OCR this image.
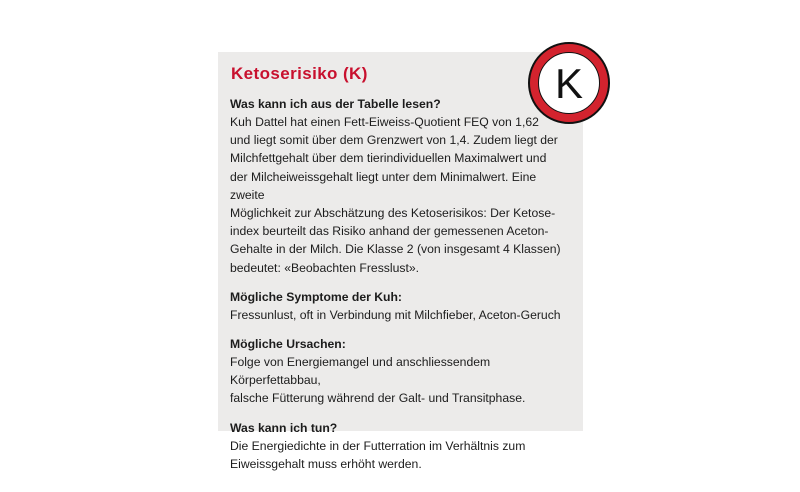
Ketoserisiko (K)

Was kann ich aus der Tabelle lesen?

Kuh Dattel hat einen Fett-Eiweiss-Quotient FEQ von 1,62
und liegt somit über dem Grenzwert von 1,4. Zudem liegt der
Milchfettgehalt über dem tierindividuellen Maximalwert und
der Milcheiweissgehalt liegt unter dem Minimalwert. Eine zweite
Möglichkeit zur Abschätzung des Ketoserisikos: Der Ketose-
index beurteilt das Risiko anhand der gemessenen Aceton-
Gehalte in der Milch. Die Klasse 2 (von insgesamt 4 Klassen)
bedeutet: «Beobachten Fresslust».

Mögliche Symptome der Kuh:

Fressunlust, oft in Verbindung mit Milchfieber, Aceton-Geruch

Mögliche Ursachen:

Folge von Energiemangel und anschliessendem Körperfettabbau,
falsche Fütterung während der Galt- und Transitphase.

Was kann ich tun?

Die Energiedichte in der Futterration im Verhältnis zum
Eiweissgehalt muss erhöht werden.
K
